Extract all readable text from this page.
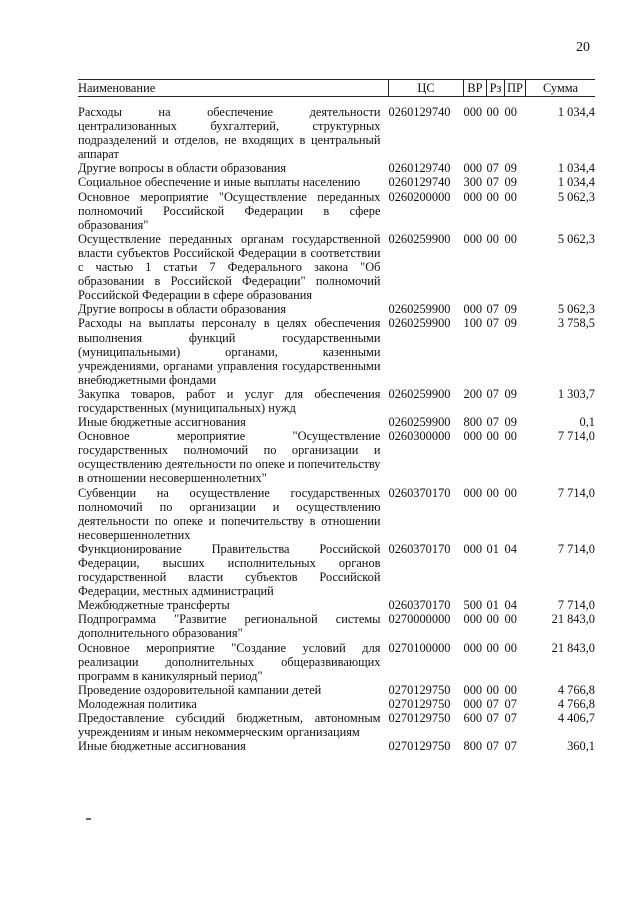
20
Наименование	ЦС	ВР	Рз	ПР	Сумма
Расходы на обеспечение деятельности централизованных бухгалтерий, структурных подразделений и отделов, не входящих в центральный аппарат	0260129740	000	00	00	1 034,4
Другие вопросы в области образования	0260129740	000	07	09	1 034,4
Социальное обеспечение и иные выплаты населению	0260129740	300	07	09	1 034,4
Основное мероприятие "Осуществление переданных полномочий Российской Федерации в сфере образования"	0260200000	000	00	00	5 062,3
Осуществление переданных органам государственной власти субъектов Российской Федерации в соответствии с частью 1 статьи 7 Федерального закона "Об образовании в Российской Федерации" полномочий Российской Федерации в сфере образования	0260259900	000	00	00	5 062,3
Другие вопросы в области образования	0260259900	000	07	09	5 062,3
Расходы на выплаты персоналу в целях обеспечения выполнения функций государственными (муниципальными) органами, казенными учреждениями, органами управления государственными внебюджетными фондами	0260259900	100	07	09	3 758,5
Закупка товаров, работ и услуг для обеспечения государственных (муниципальных) нужд	0260259900	200	07	09	1 303,7
Иные бюджетные ассигнования	0260259900	800	07	09	0,1
Основное мероприятие "Осуществление государственных полномочий по организации и осуществлению деятельности по опеке и попечительству в отношении несовершеннолетних"	0260300000	000	00	00	7 714,0
Субвенции на осуществление государственных полномочий по организации и осуществлению деятельности по опеке и попечительству в отношении несовершеннолетних	0260370170	000	00	00	7 714,0
Функционирование Правительства Российской Федерации, высших исполнительных органов государственной власти субъектов Российской Федерации, местных администраций	0260370170	000	01	04	7 714,0
Межбюджетные трансферты	0260370170	500	01	04	7 714,0
Подпрограмма "Развитие региональной системы дополнительного образования"	0270000000	000	00	00	21 843,0
Основное мероприятие "Создание условий для реализации дополнительных общеразвивающих программ в каникулярный период"	0270100000	000	00	00	21 843,0
Проведение оздоровительной кампании детей	0270129750	000	00	00	4 766,8
Молодежная политика	0270129750	000	07	07	4 766,8
Предоставление субсидий бюджетным, автономным учреждениям и иным некоммерческим организациям	0270129750	600	07	07	4 406,7
Иные бюджетные ассигнования	0270129750	800	07	07	360,1
